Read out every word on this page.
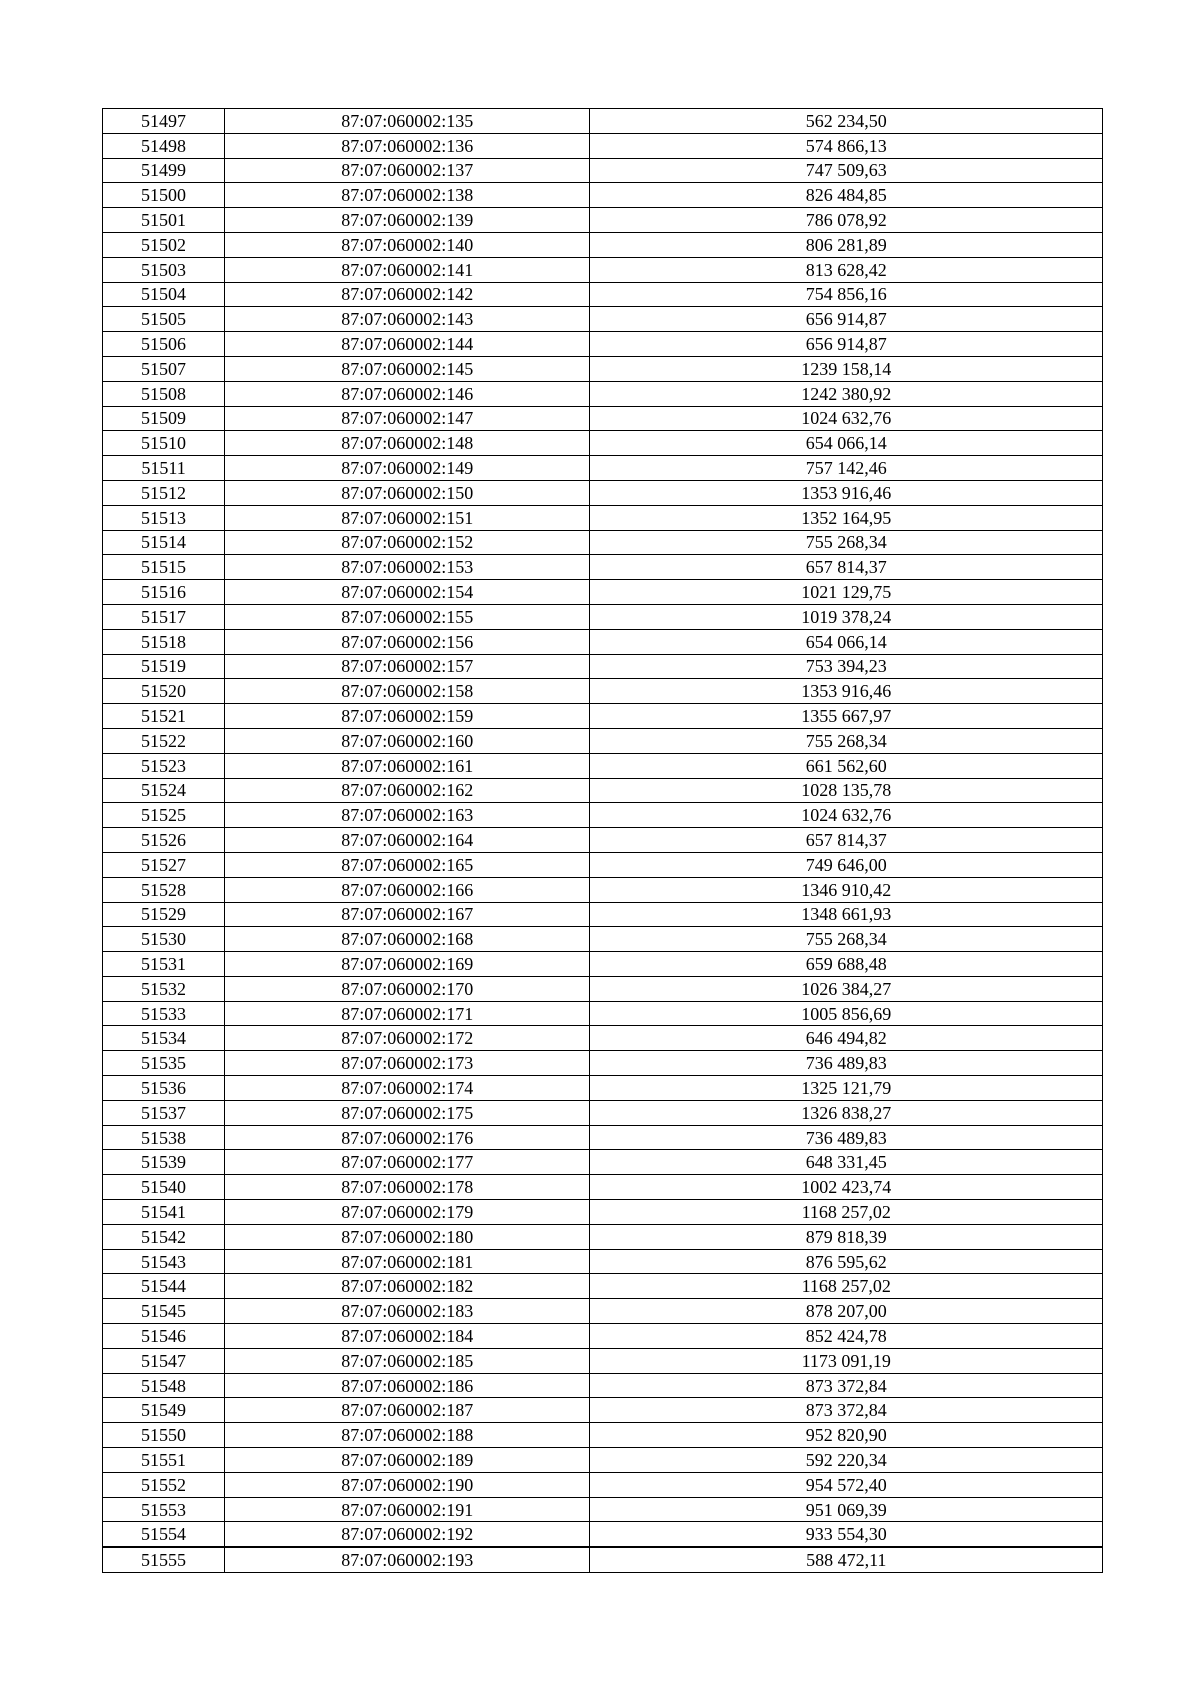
51497	87:07:060002:135	562 234,50
51498	87:07:060002:136	574 866,13
51499	87:07:060002:137	747 509,63
51500	87:07:060002:138	826 484,85
51501	87:07:060002:139	786 078,92
51502	87:07:060002:140	806 281,89
51503	87:07:060002:141	813 628,42
51504	87:07:060002:142	754 856,16
51505	87:07:060002:143	656 914,87
51506	87:07:060002:144	656 914,87
51507	87:07:060002:145	1239 158,14
51508	87:07:060002:146	1242 380,92
51509	87:07:060002:147	1024 632,76
51510	87:07:060002:148	654 066,14
51511	87:07:060002:149	757 142,46
51512	87:07:060002:150	1353 916,46
51513	87:07:060002:151	1352 164,95
51514	87:07:060002:152	755 268,34
51515	87:07:060002:153	657 814,37
51516	87:07:060002:154	1021 129,75
51517	87:07:060002:155	1019 378,24
51518	87:07:060002:156	654 066,14
51519	87:07:060002:157	753 394,23
51520	87:07:060002:158	1353 916,46
51521	87:07:060002:159	1355 667,97
51522	87:07:060002:160	755 268,34
51523	87:07:060002:161	661 562,60
51524	87:07:060002:162	1028 135,78
51525	87:07:060002:163	1024 632,76
51526	87:07:060002:164	657 814,37
51527	87:07:060002:165	749 646,00
51528	87:07:060002:166	1346 910,42
51529	87:07:060002:167	1348 661,93
51530	87:07:060002:168	755 268,34
51531	87:07:060002:169	659 688,48
51532	87:07:060002:170	1026 384,27
51533	87:07:060002:171	1005 856,69
51534	87:07:060002:172	646 494,82
51535	87:07:060002:173	736 489,83
51536	87:07:060002:174	1325 121,79
51537	87:07:060002:175	1326 838,27
51538	87:07:060002:176	736 489,83
51539	87:07:060002:177	648 331,45
51540	87:07:060002:178	1002 423,74
51541	87:07:060002:179	1168 257,02
51542	87:07:060002:180	879 818,39
51543	87:07:060002:181	876 595,62
51544	87:07:060002:182	1168 257,02
51545	87:07:060002:183	878 207,00
51546	87:07:060002:184	852 424,78
51547	87:07:060002:185	1173 091,19
51548	87:07:060002:186	873 372,84
51549	87:07:060002:187	873 372,84
51550	87:07:060002:188	952 820,90
51551	87:07:060002:189	592 220,34
51552	87:07:060002:190	954 572,40
51553	87:07:060002:191	951 069,39
51554	87:07:060002:192	933 554,30
51555	87:07:060002:193	588 472,11
